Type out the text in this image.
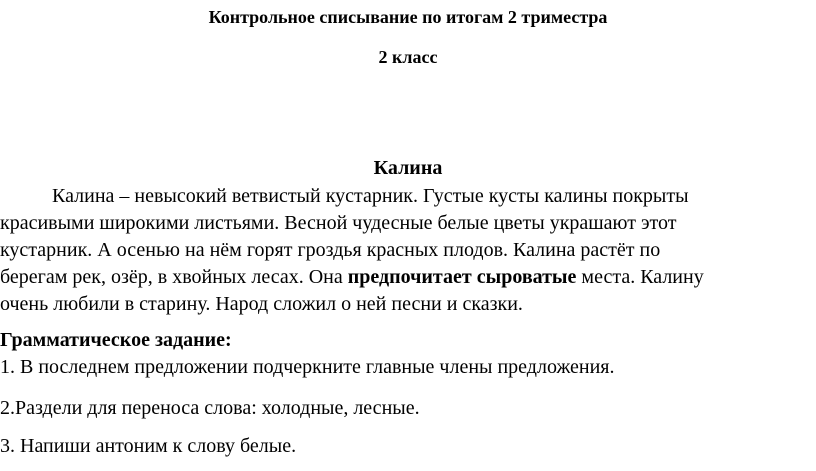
Контрольное списывание по итогам 2 триместра
2 класс
Калина
Калина – невысокий ветвистый кустарник. Густые кусты калины покрыты
красивыми широкими листьями. Весной чудесные белые цветы украшают этот
кустарник. А осенью на нём горят гроздья красных плодов. Калина растёт по
берегам рек, озёр, в хвойных лесах. Она предпочитает сыроватые места. Калину
очень любили в старину. Народ сложил о ней песни и сказки.
Грамматическое задание:
1. В последнем предложении подчеркните главные члены предложения.
2.Раздели для переноса слова: холодные, лесные.
3. Напиши антоним к слову белые.
